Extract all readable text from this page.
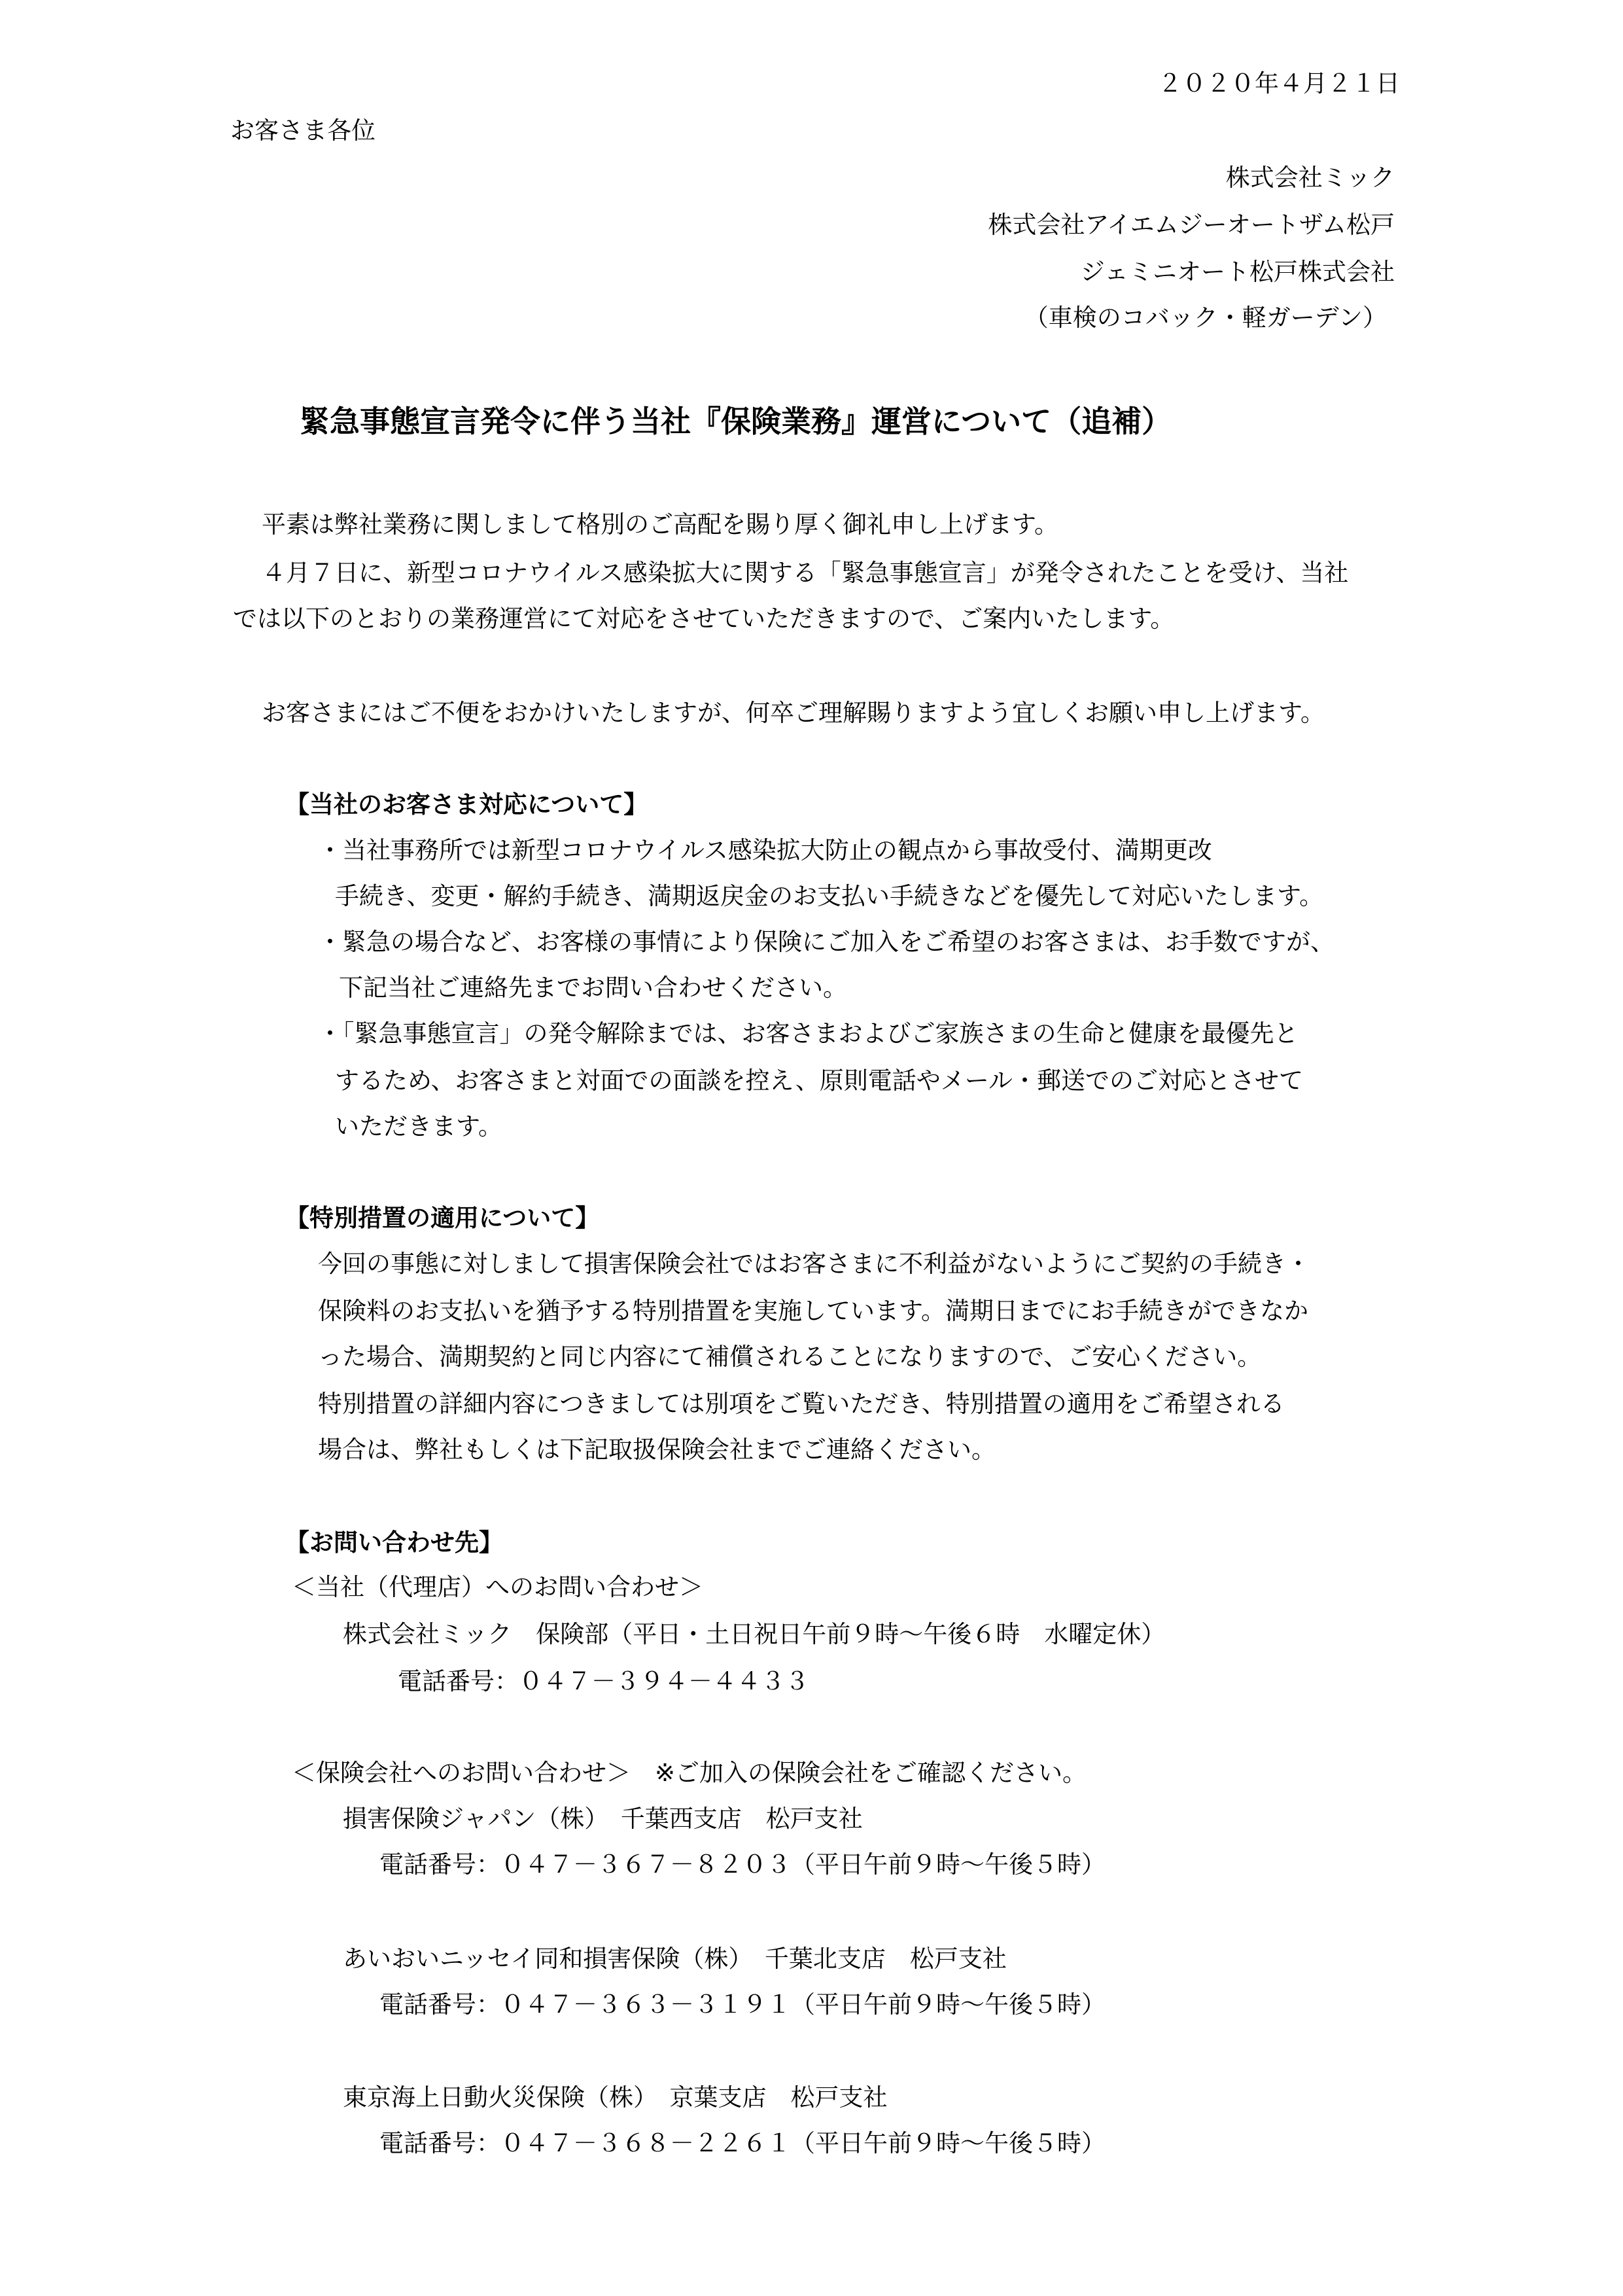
２０２０年４月２１日
お客さま各位
株式会社ミック
株式会社アイエムジーオートザム松戸
ジェミニオート松戸株式会社
（車検のコバック・軽ガーデン）
緊急事態宣言発令に伴う当社『保険業務』運営について（追補）
平素は弊社業務に関しまして格別のご高配を賜り厚く御礼申し上げます。
４月７日に、新型コロナウイルス感染拡大に関する「緊急事態宣言」が発令されたことを受け、当社
では以下のとおりの業務運営にて対応をさせていただきますので、ご案内いたします。
お客さまにはご不便をおかけいたしますが、何卒ご理解賜りますよう宜しくお願い申し上げます。
【当社のお客さま対応について】
・当社事務所では新型コロナウイルス感染拡大防止の観点から事故受付、満期更改
手続き、変更・解約手続き、満期返戻金のお支払い手続きなどを優先して対応いたします。
・緊急の場合など、お客様の事情により保険にご加入をご希望のお客さまは、お手数ですが、
下記当社ご連絡先までお問い合わせください。
・「緊急事態宣言」の発令解除までは、お客さまおよびご家族さまの生命と健康を最優先と
するため、お客さまと対面での面談を控え、原則電話やメール・郵送でのご対応とさせて
いただきます。
【特別措置の適用について】
今回の事態に対しまして損害保険会社ではお客さまに不利益がないようにご契約の手続き・
保険料のお支払いを猶予する特別措置を実施しています。満期日までにお手続きができなか
った場合、満期契約と同じ内容にて補償されることになりますので、ご安心ください。
特別措置の詳細内容につきましては別項をご覧いただき、特別措置の適用をご希望される
場合は、弊社もしくは下記取扱保険会社までご連絡ください。
【お問い合わせ先】
＜当社（代理店）へのお問い合わせ＞
株式会社ミック　保険部（平日・土日祝日午前９時～午後６時　水曜定休）
電話番号：０４７－３９４－４４３３
＜保険会社へのお問い合わせ＞　※ご加入の保険会社をご確認ください。
損害保険ジャパン（株）　千葉西支店　松戸支社
電話番号：０４７－３６７－８２０３（平日午前９時～午後５時）
あいおいニッセイ同和損害保険（株）　千葉北支店　松戸支社
電話番号：０４７－３６３－３１９１（平日午前９時～午後５時）
東京海上日動火災保険（株）　京葉支店　松戸支社
電話番号：０４７－３６８－２２６１（平日午前９時～午後５時）
